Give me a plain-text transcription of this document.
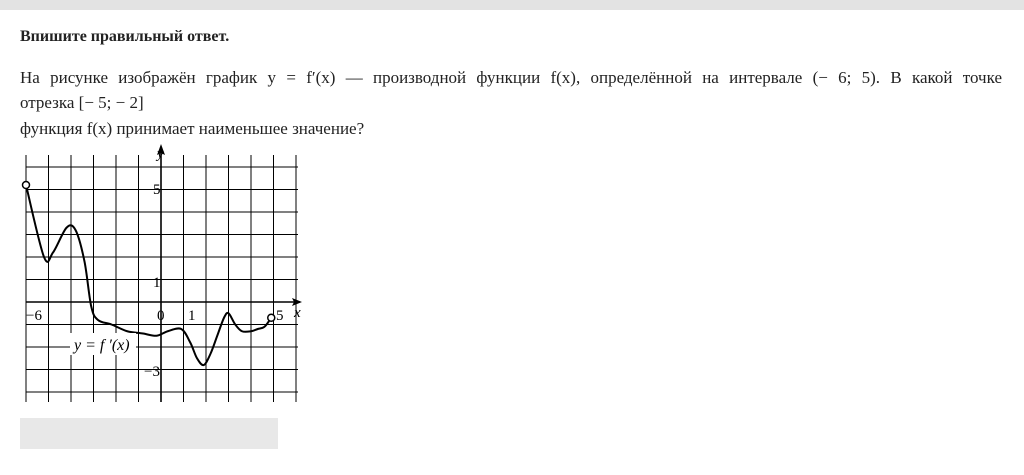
Впишите правильный ответ.
На рисунке изображён график y = f′(x) — производной функции f(x), определённой на интервале (− 6; 5). В какой точке
отрезка [− 5; − 2]
функция f(x) принимает наименьшее значение?
y
x
−6	0 1	5
5
1
−3
y = f ′(x)
